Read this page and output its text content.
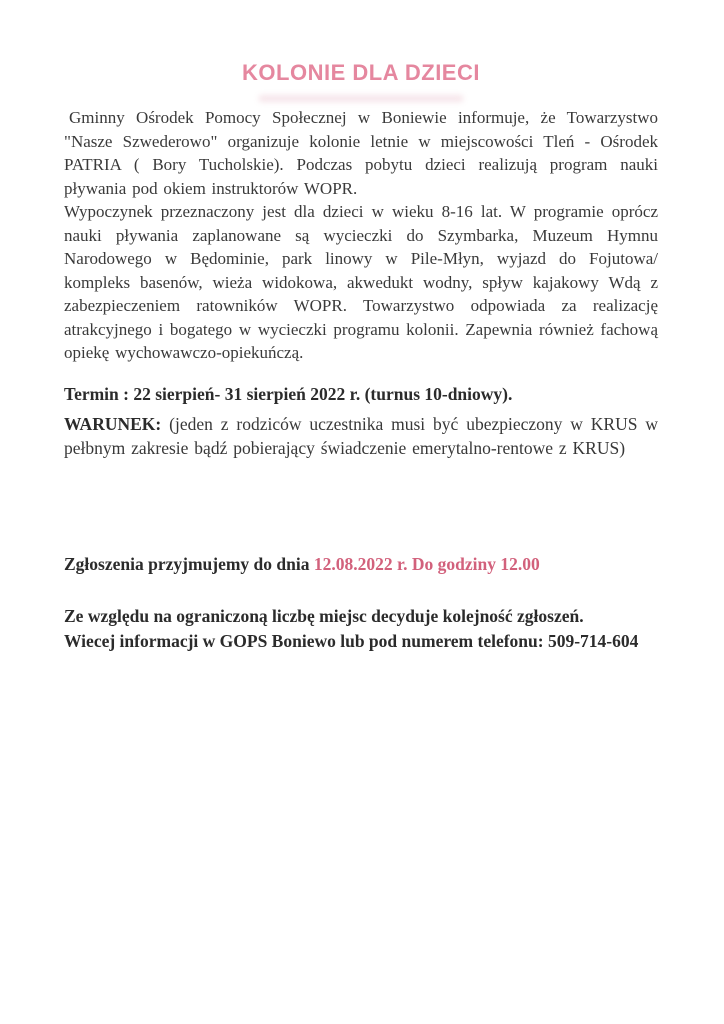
KOLONIE DLA DZIECI

Gminny Ośrodek Pomocy Społecznej w Boniewie informuje, że Towarzystwo "Nasze Szwederowo" organizuje kolonie letnie w miejscowości Tleń - Ośrodek PATRIA ( Bory Tucholskie). Podczas pobytu dzieci realizują program nauki pływania pod okiem instruktorów WOPR.

Wypoczynek przeznaczony jest dla dzieci w wieku 8-16 lat. W programie oprócz nauki pływania zaplanowane są wycieczki do Szymbarka, Muzeum Hymnu Narodowego w Będominie, park linowy w Pile-Młyn, wyjazd do Fojutowa/ kompleks basenów, wieża widokowa, akwedukt wodny, spływ kajakowy Wdą z zabezpieczeniem ratowników WOPR. Towarzystwo odpowiada za realizację atrakcyjnego i bogatego w wycieczki programu kolonii. Zapewnia również fachową opiekę wychowawczo-opiekuńczą.

Termin : 22 sierpień- 31 sierpień 2022 r. (turnus 10-dniowy).

WARUNEK: (jeden z rodziców uczestnika musi być ubezpieczony w KRUS w pełbnym zakresie bądź pobierający świadczenie emerytalno-rentowe z KRUS)

Zgłoszenia przyjmujemy do dnia 12.08.2022 r. Do godziny 12.00

Ze względu na ograniczoną liczbę miejsc decyduje kolejność zgłoszeń.

Wiecej informacji w GOPS Boniewo lub pod numerem telefonu: 509-714-604
